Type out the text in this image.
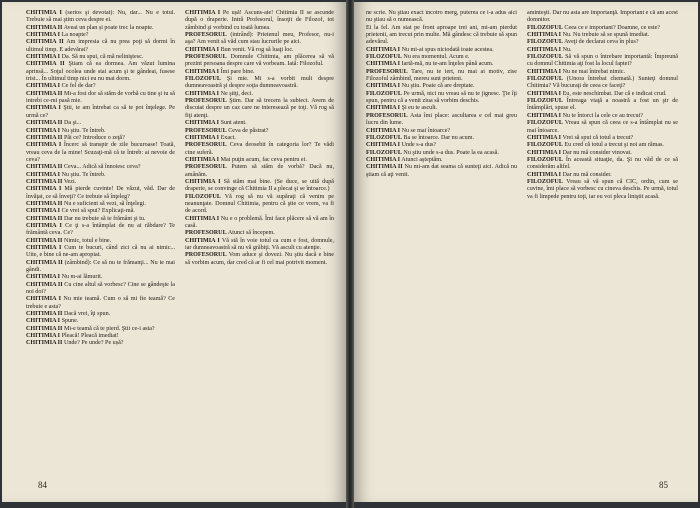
CHITIMIA I (serios şi devotat): Nu, dar... Nu e totul. Trebuie să mai ştim ceva despre ei.

CHITIMIA II Aveai un plan și poate trec la noapte.

CHITIMIA I La noapte?

CHITIMIA II Am impresia că nu prea poţi să dormi în ultimul timp. E adevărat?

CHITIMIA I Da. Să nu spui, că mă neliniştesc.

CHITIMIA II Ştiam că ea dormea. Am văzut lumina aprinsă... Soţul ocolea unde stai acum şi te gândeai, fusese trist... În ultimul timp nici eu nu mai dorm.

CHITIMIA I Ce fel de dar?

CHITIMIA II Mi-a fost dor să stăm de vorbă cu tine şi tu să intrebi ce-mi pasă mie.

CHITIMIA I Ştii, te am întrebat ca să te pot înţelege. Pe urmă ce?

CHITIMIA II Da şi...

CHITIMIA I Nu ştiu. Te întreb.

CHITIMIA II Păi ce? Introduce o zeţă?

CHITIMIA I Încerc să transpir de zile bucuroase! Toată, vreau ceva de la mine! Scuzaţi-mă că te întreb: ai nevoie de ceva?

CHITIMIA II Ceva... Adică să înnoiesc ceva?

CHITIMIA I Nu ştiu. Te întreb.

CHITIMIA II Vezi.

CHITIMIA I Mă pierde cuvinte! De văzut, văd. Dar de învăţat, ce să înveţi? Ce trebuie să înţeleg?

CHITIMIA II Nu e suficient să vezi, să înţelegi.

CHITIMIA I Ce vrei să spui? Explicaţi-mă.

CHITIMIA II Dar nu trebuie să te frământ şi tu.

CHITIMIA I Ce ţi s-a întâmplat de nu ai răbdare? Te frământă ceva. Ce?

CHITIMIA II Nimic, totul e bine.

CHITIMIA I Cum te bucuri, când zici că nu ai nimic... Uite, e bine că ne-am apropiat.

CHITIMIA II (zâmbind): Ce să nu te frămanţi... Nu te mai gândi.

CHITIMIA I Nu m-ai lămurit.

CHITIMIA II Cu cine altul să vorbesc? Cine se gândeşte la noi doi?

CHITIMIA I Nu mie teamă. Cum o să mi fie teamă? Ce trebuie e asta?

CHITIMIA II Dacă vrei, îţi spun.

CHITIMIA I Spune.

CHITIMIA II Mi-e teamă că te pierd. Ştii ce-i asta?

CHITIMIA I Pleacă! Pleacă imediat!

CHITIMIA II Unde? Pe unde? Pe ușă?

CHITIMIA I Pe ușă! Ascuns-ate! Chitimia II se ascunde după o draperie. Intră Profesorul, însoţit de Filozof, tot zâmbind şi vorbind cu toată lumea.

PROFESORUL (intrând): Prietenul meu, Profesor, nu-i aşa? Am venit să văd cum stau lucrurile pe aici.

CHITIMIA I Bun venit. Vă rog să luaţi loc.

PROFESORUL Domnule Chitimia, am plăcerea să vă prezint persoana despre care vă vorbeam. Iată: Filozoful.

CHITIMIA I Îmi pare bine.

FILOZOFUL Şi mie. Mi s-a vorbit mult despre dumneavoastră şi despre soţia dumneavoastră.

CHITIMIA I Ne ştiţi, deci.

PROFESORUL Ştim. Dar să trecem la subiect. Avem de discutat despre un caz care ne interesează pe toţi. Vă rog să fiţi atenţi.

CHITIMIA I Sunt atent.

PROFESORUL Ceva de păstrat?

CHITIMIA I Exact.

PROFESORUL Ceva deosebit în categoria lor? Te vădi cine suferă.

CHITIMIA I Mai puţin acum, fac ceva pentru ei.

PROFESORUL Putem să stăm de vorbă? Dacă nu, amânăm.

CHITIMIA I Să stăm mai bine. (Se duce, se uită după draperie, se convinge că Chitimia II a plecat şi se întoarce.)

FILOZOFUL Vă rog să nu vă supăraţi că venim pe neanunţate. Domnul Chitimia, pentru că ştie ce vrem, va fi de acord.

CHITIMIA I Nu e o problemă. Îmi face plăcere să vă am în casă.

PROFESORUL Atunci să începem.

CHITIMIA I Vă stă în voie totul ca cum e fost, domnule, iar dumneavoastră să nu vă grăbiţi. Vă ascult cu atenţie.

PROFESORUL Vom aduce şi dovezi. Nu ştiu dacă e bine să vorbim acum, dar cred că ar fi cel mai potrivit moment.

84

ne scrie. Nu ştiau exact încotro merg, puterea ce i-a adus aici nu ştiau să o numească.

Ei la fel. Am stat pe front aproape trei ani, mi-am pierdut prietenii, am trecut prin multe. Mă gândesc că trebuie să spun adevărul.

CHITIMIA I Nu mi-ai spus niciodată toate acestea.

FILOZOFUL Nu era momentul. Acum e.

CHITIMIA I Iartă-mă, nu te-am înţeles până acum.

PROFESORUL Tare, nu te iert, nu mai ai motiv, zise Filozoful zâmbind, mereu sunt prieteni.

CHITIMIA I Nu ştiu. Poate că are dreptate.

FILOZOFUL Pe urmă, nici nu vreau să nu te jignesc. Ţie îţi spun, pentru că a venit ziua să vorbim deschis.

CHITIMIA I Şi eu te ascult.

PROFESORUL Asta îmi place: ascultarea e cel mai greu lucru din lume.

CHITIMIA I Nu se mai întoarce?

FILOZOFUL Ba se întoarce. Dar nu acum.

CHITIMIA I Unde s-a dus?

FILOZOFUL Nu ştiu unde s-a dus. Poate la ea acasă.

CHITIMIA I Atunci aşteptăm.

CHITIMIA II Nu mi-am dat seama că sunteţi aici. Adică nu ştiam că aţi venit.

aminteşti. Dar nu asta are importanţă. Important e că am acest domnitor.

FILOZOFUL Ceea ce e important? Doamne, ce este?

CHITIMIA I Nu. Nu trebuie să se spună imediat.

FILOZOFUL Aveţi de declarat ceva în plus?

CHITIMIA I Nu.

FILOZOFUL Să vă spun o întrebare importantă: Împreună cu domnul Chitimia aţi fost la locul faptei?

CHITIMIA I Nu ne mai întrebat nimic.

FILOZOFUL (Unora întrebat chemată.) Sunteţi domnul Chitimia? Vă bucuraţi de ceea ce faceţi?

CHITIMIA I Eu, este neschimbat. Dar că e indicat crud.

FILOZOFUL Întreaga viaţă a noastră a fost un şir de întâmplări, spuse el.

CHITIMIA I Nu te întorci la cele ce au trecut?

FILOZOFUL Vreau să spun că ceea ce s-a întâmplat nu se mai întoarce.

CHITIMIA I Vrei să spui că totul a trecut?

FILOZOFUL Eu cred că totul a trecut şi noi am rămas.

CHITIMIA I Dar nu mă consider vinovat.

FILOZOFUL În această situaţie, da. Şi nu văd de ce să considerăm altfel.

CHITIMIA I Dar nu mă consider.

FILOZOFUL Vreau să vă spun că CIC, ordin, cum se cuvine, îmi place să vorbesc cu cineva deschis. Pe urmă, totul va fi limpede pentru toţi, iar eu voi pleca liniştit acasă.

85
